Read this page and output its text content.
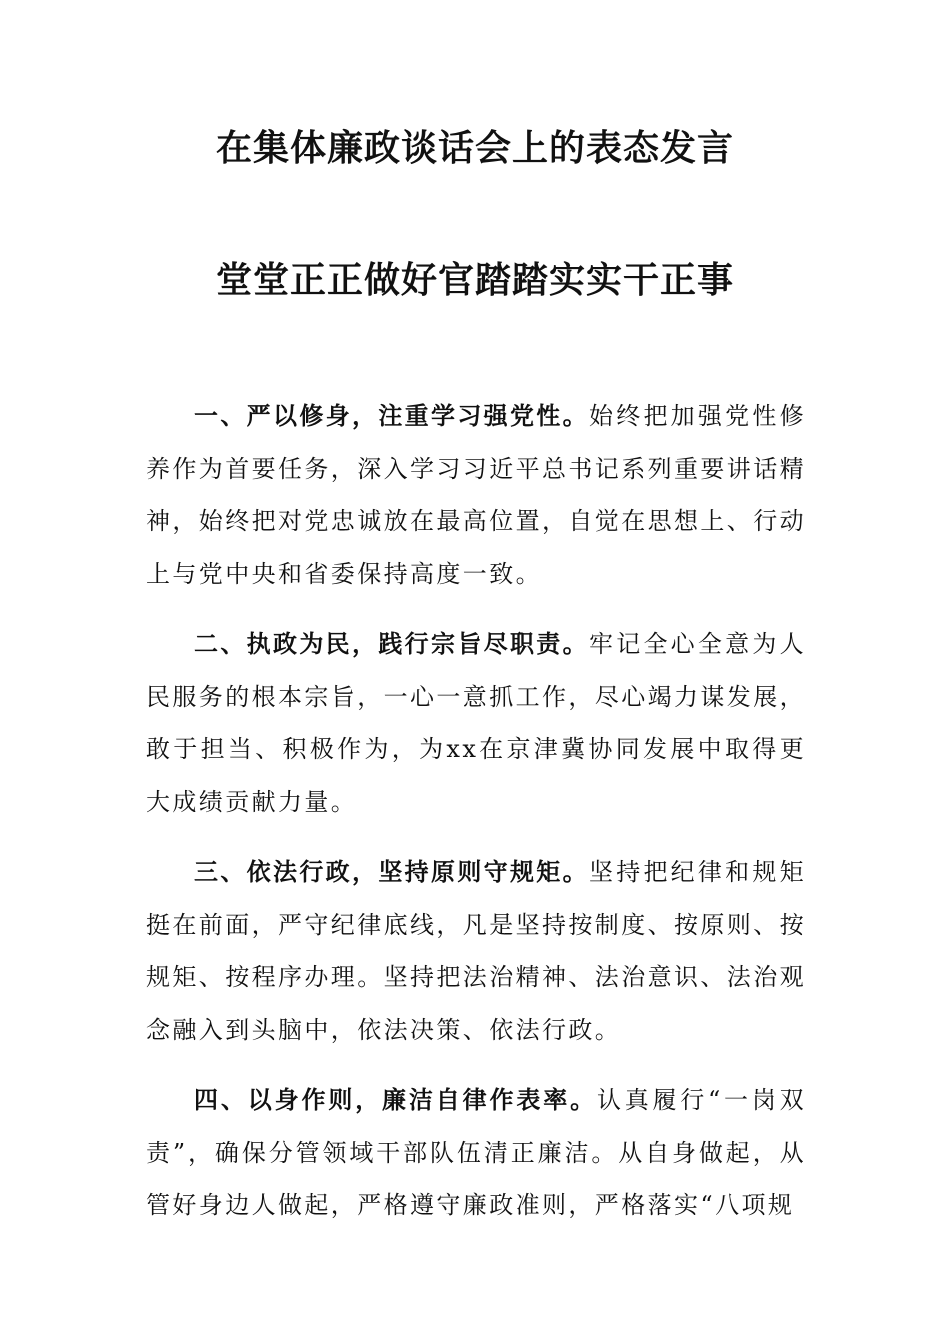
在集体廉政谈话会上的表态发言
堂堂正正做好官踏踏实实干正事

一、严以修身，注重学习强党性。始终把加强党性修养作为首要任务，深入学习习近平总书记系列重要讲话精神，始终把对党忠诚放在最高位置，自觉在思想上、行动上与党中央和省委保持高度一致。

二、执政为民，践行宗旨尽职责。牢记全心全意为人民服务的根本宗旨，一心一意抓工作，尽心竭力谋发展，敢于担当、积极作为，为xx在京津冀协同发展中取得更大成绩贡献力量。

三、依法行政，坚持原则守规矩。坚持把纪律和规矩挺在前面，严守纪律底线，凡是坚持按制度、按原则、按规矩、按程序办理。坚持把法治精神、法治意识、法治观念融入到头脑中，依法决策、依法行政。

四、以身作则，廉洁自律作表率。认真履行“一岗双责”，确保分管领域干部队伍清正廉洁。从自身做起，从管好身边人做起，严格遵守廉政准则，严格落实“八项规
